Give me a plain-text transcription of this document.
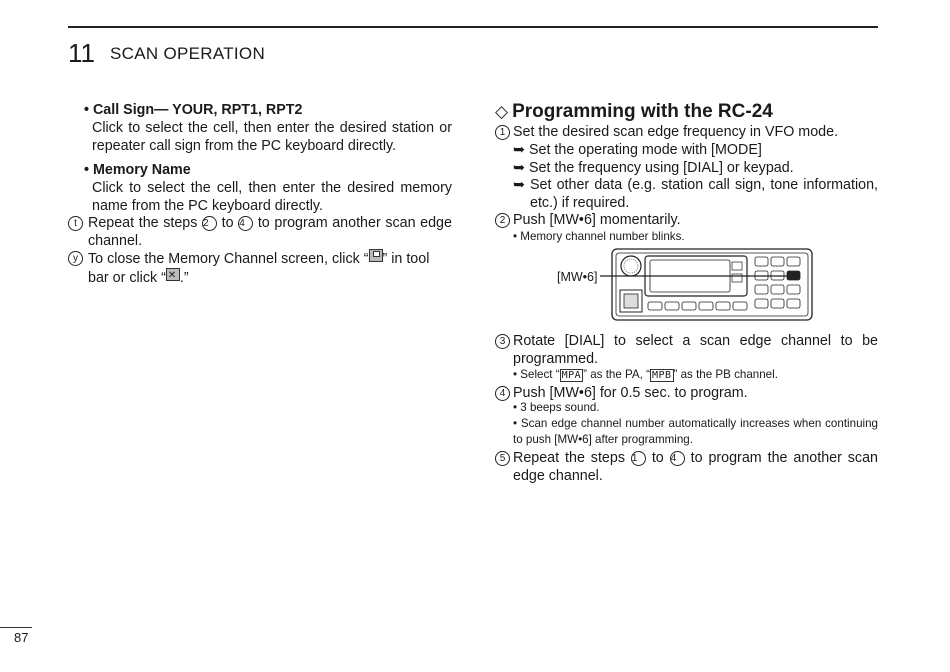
11 SCAN OPERATION
• Call Sign— YOUR, RPT1, RPT2
Click to select the cell, then enter the desired station or repeater call sign from the PC keyboard directly.
• Memory Name
Click to select the cell, then enter the desired memory name from the PC keyboard directly.
t Repeat the steps 2 to 4 to program another scan edge channel.
y To close the Memory Channel screen, click “ ” in tool bar or click “✕ .”
◇ Programming with the RC-24
1 Set the desired scan edge frequency in VFO mode.
➥ Set the operating mode with [MODE]
➥ Set the frequency using [DIAL] or keypad.
➥ Set other data (e.g. station call sign, tone information, etc.) if required.
2 Push [MW•6] momentarily.
• Memory channel number blinks.
[MW•6]
3 Rotate [DIAL] to select a scan edge channel to be programmed.
• Select “ MPA ” as the PA, “ MPB ” as the PB channel.
4 Push [MW•6] for 0.5 sec. to program.
• 3 beeps sound.
• Scan edge channel number automatically increases when continuing to push [MW•6] after programming.
5 Repeat the steps 1 to 4 to program the another scan edge channel.
87
